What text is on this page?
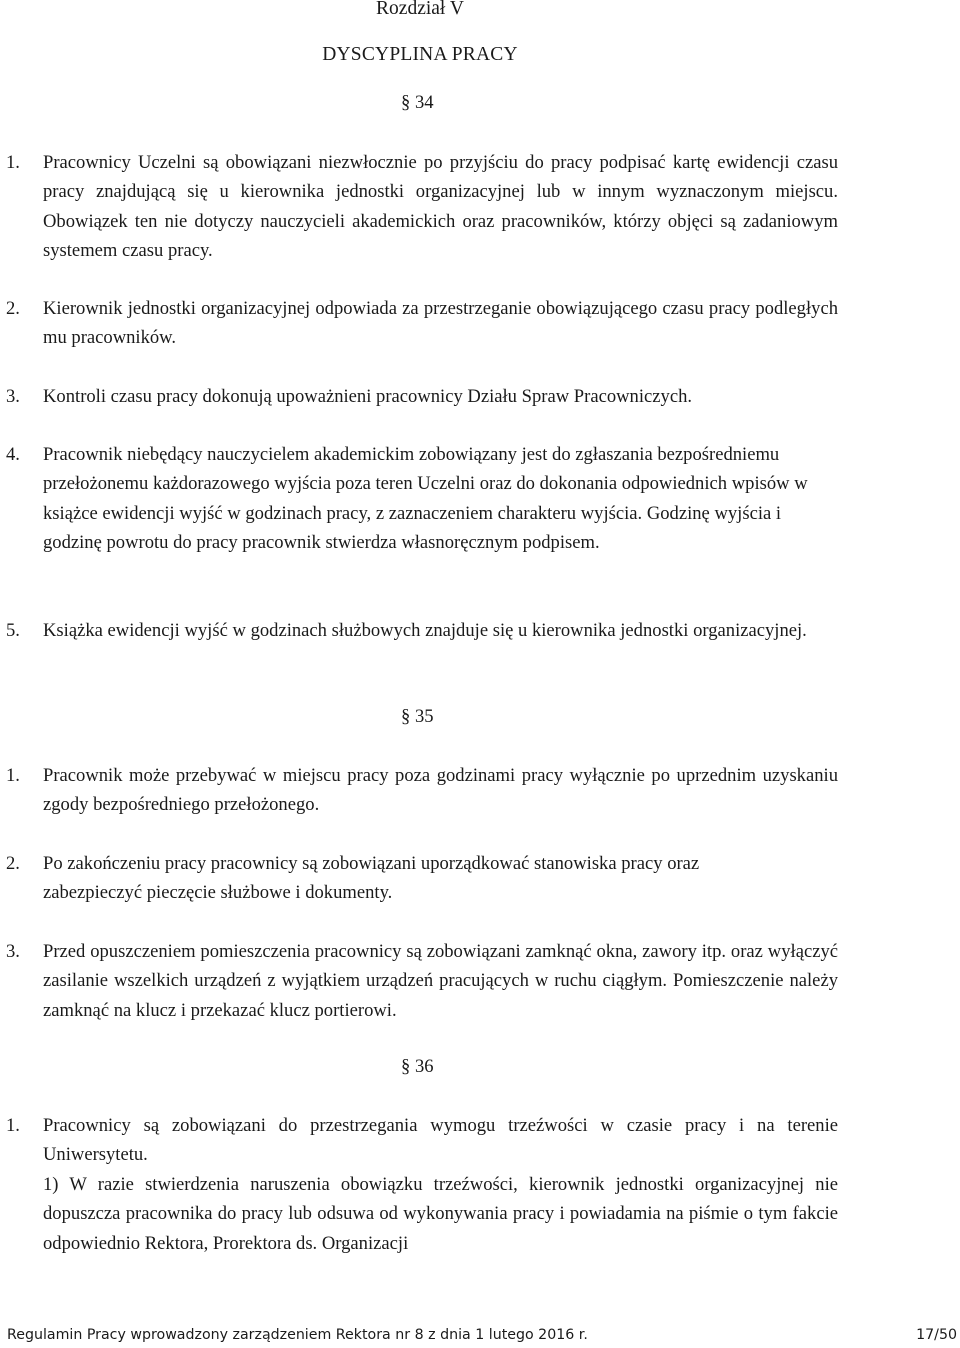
Rozdział V
DYSCYPLINA PRACY
§ 34
1. Pracownicy Uczelni są obowiązani niezwłocznie po przyjściu do pracy podpisać kartę ewidencji czasu pracy znajdującą się u kierownika jednostki organizacyjnej lub w innym wyznaczonym miejscu. Obowiązek ten nie dotyczy nauczycieli akademickich oraz pracowników, którzy objęci są zadaniowym systemem czasu pracy.
2. Kierownik jednostki organizacyjnej odpowiada za przestrzeganie obowiązującego czasu pracy podległych mu pracowników.
3. Kontroli czasu pracy dokonują upoważnieni pracownicy Działu Spraw Pracowniczych.
4. Pracownik niebędący nauczycielem akademickim zobowiązany jest do zgłaszania bezpośredniemu przełożonemu każdorazowego wyjścia poza teren Uczelni oraz do dokonania odpowiednich wpisów w książce ewidencji wyjść w godzinach pracy, z zaznaczeniem charakteru wyjścia. Godzinę wyjścia i godzinę powrotu do pracy pracownik stwierdza własnoręcznym podpisem.
5. Książka ewidencji wyjść w godzinach służbowych znajduje się u kierownika jednostki organizacyjnej.
§ 35
1. Pracownik może przebywać w miejscu pracy poza godzinami pracy wyłącznie po uprzednim uzyskaniu zgody bezpośredniego przełożonego.
2. Po zakończeniu pracy pracownicy są zobowiązani uporządkować stanowiska pracy oraz zabezpieczyć pieczęcie służbowe i dokumenty.
3. Przed opuszczeniem pomieszczenia pracownicy są zobowiązani zamknąć okna, zawory itp. oraz wyłączyć zasilanie wszelkich urządzeń z wyjątkiem urządzeń pracujących w ruchu ciągłym. Pomieszczenie należy zamknąć na klucz i przekazać klucz portierowi.
§ 36
1. Pracownicy są zobowiązani do przestrzegania wymogu trzeźwości w czasie pracy i na terenie Uniwersytetu.
1) W razie stwierdzenia naruszenia obowiązku trzeźwości, kierownik jednostki organizacyjnej nie dopuszcza pracownika do pracy lub odsuwa od wykonywania pracy i powiadamia na piśmie o tym fakcie odpowiednio Rektora, Prorektora ds. Organizacji
Regulamin Pracy wprowadzony zarządzeniem Rektora nr 8 z dnia 1 lutego 2016 r.	17/50
